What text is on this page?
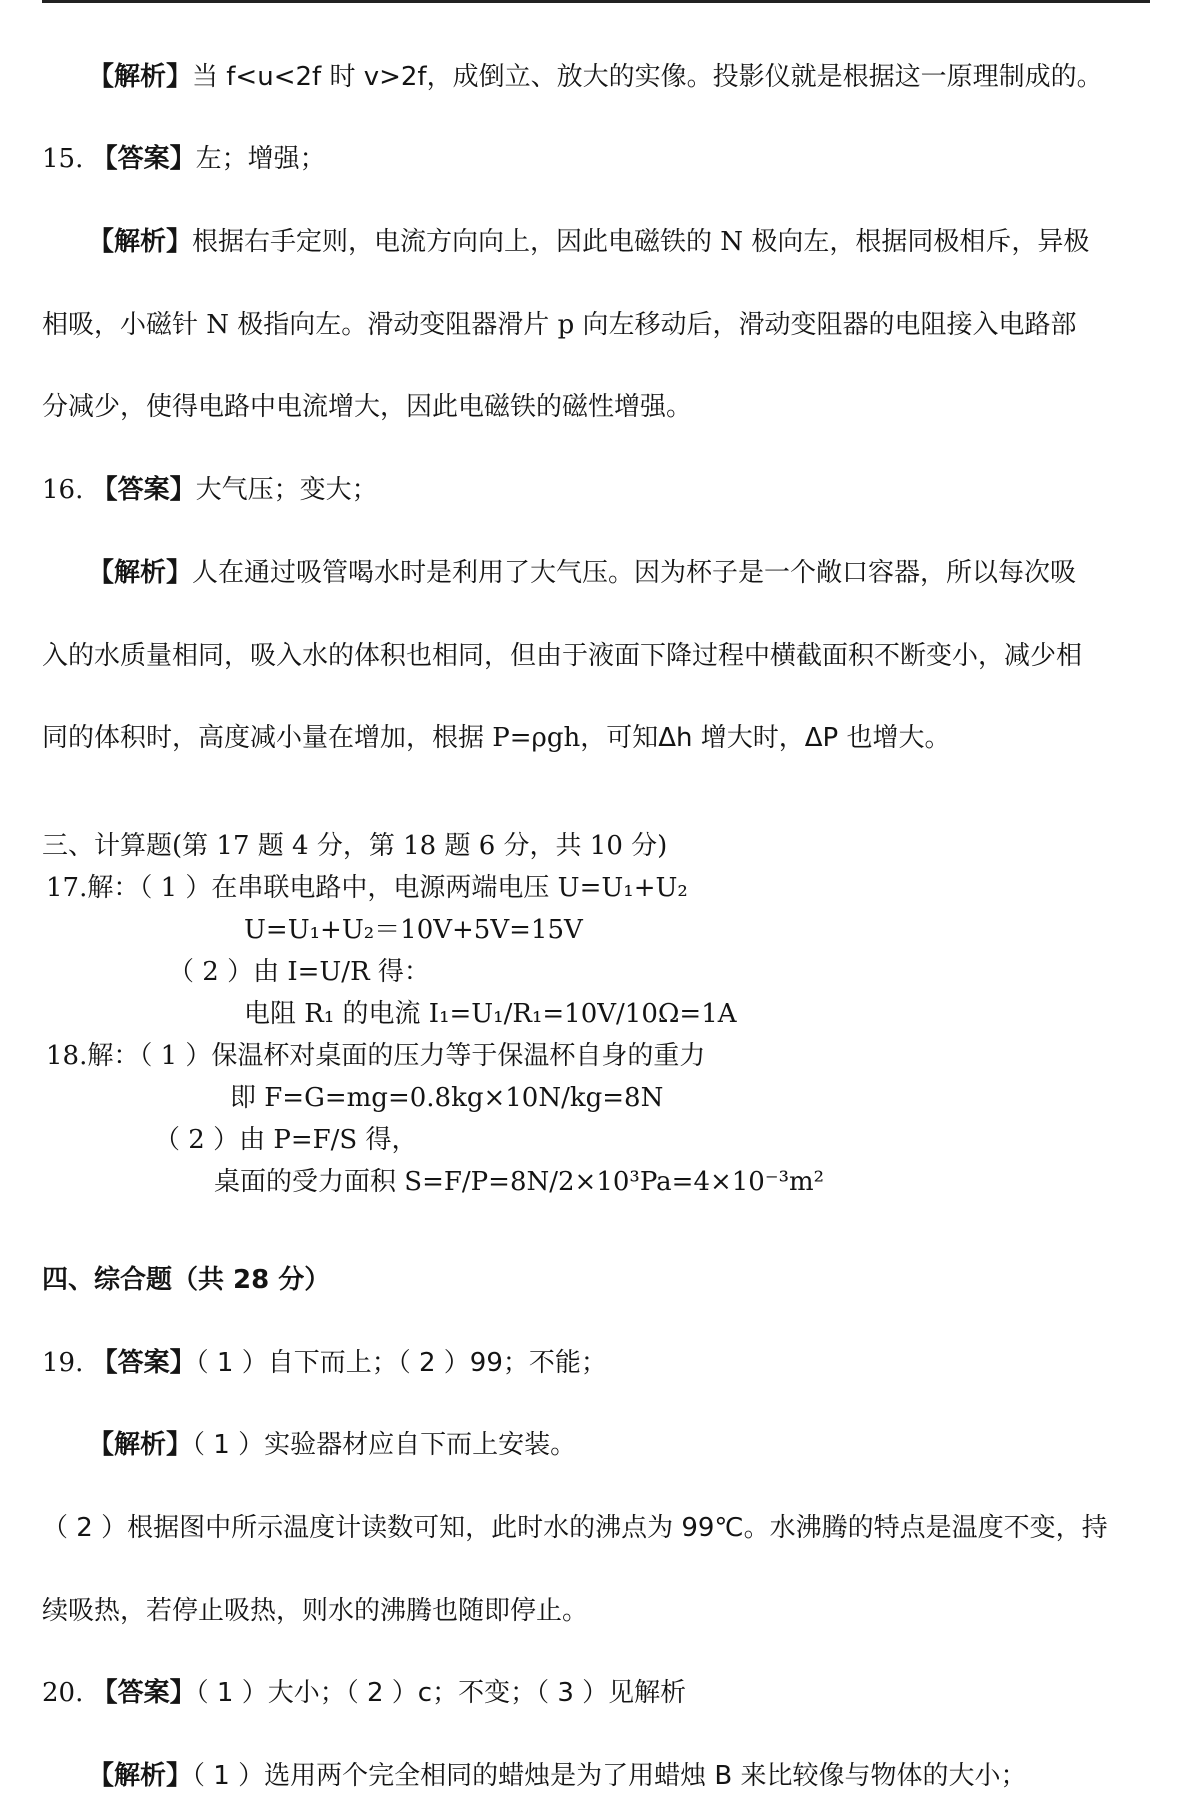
【解析】当 f<u<2f 时 v>2f，成倒立、放大的实像。投影仪就是根据这一原理制成的。
15. 【答案】左；增强；
【解析】根据右手定则，电流方向向上，因此电磁铁的 N 极向左，根据同极相斥，异极
相吸，小磁针 N 极指向左。滑动变阻器滑片 p 向左移动后，滑动变阻器的电阻接入电路部
分减少，使得电路中电流增大，因此电磁铁的磁性增强。
16. 【答案】大气压；变大；
【解析】人在通过吸管喝水时是利用了大气压。因为杯子是一个敞口容器，所以每次吸
入的水质量相同，吸入水的体积也相同，但由于液面下降过程中横截面积不断变小，减少相
同的体积时，高度减小量在增加，根据 P=ρgh，可知Δh 增大时，ΔP 也增大。
三、计算题(第 17 题 4 分，第 18 题 6 分，共 10 分)
17.解：（ 1 ）在串联电路中，电源两端电压 U=U₁+U₂
U=U₁+U₂＝10V+5V=15V
（ 2 ）由 I=U/R 得：
电阻 R₁ 的电流 I₁=U₁/R₁=10V/10Ω=1A
18.解：（ 1 ）保温杯对桌面的压力等于保温杯自身的重力
即 F=G=mg=0.8kg×10N/kg=8N
（ 2 ）由 P=F/S 得，
桌面的受力面积 S=F/P=8N/2×10³Pa=4×10⁻³m²
四、综合题（共 28 分）
19. 【答案】（ 1 ）自下而上；（ 2 ）99；不能；
【解析】（ 1 ）实验器材应自下而上安装。
（ 2 ）根据图中所示温度计读数可知，此时水的沸点为 99℃。水沸腾的特点是温度不变，持
续吸热，若停止吸热，则水的沸腾也随即停止。
20. 【答案】（ 1 ）大小；（ 2 ）c；不变；（ 3 ）见解析
【解析】（ 1 ）选用两个完全相同的蜡烛是为了用蜡烛 B 来比较像与物体的大小；
